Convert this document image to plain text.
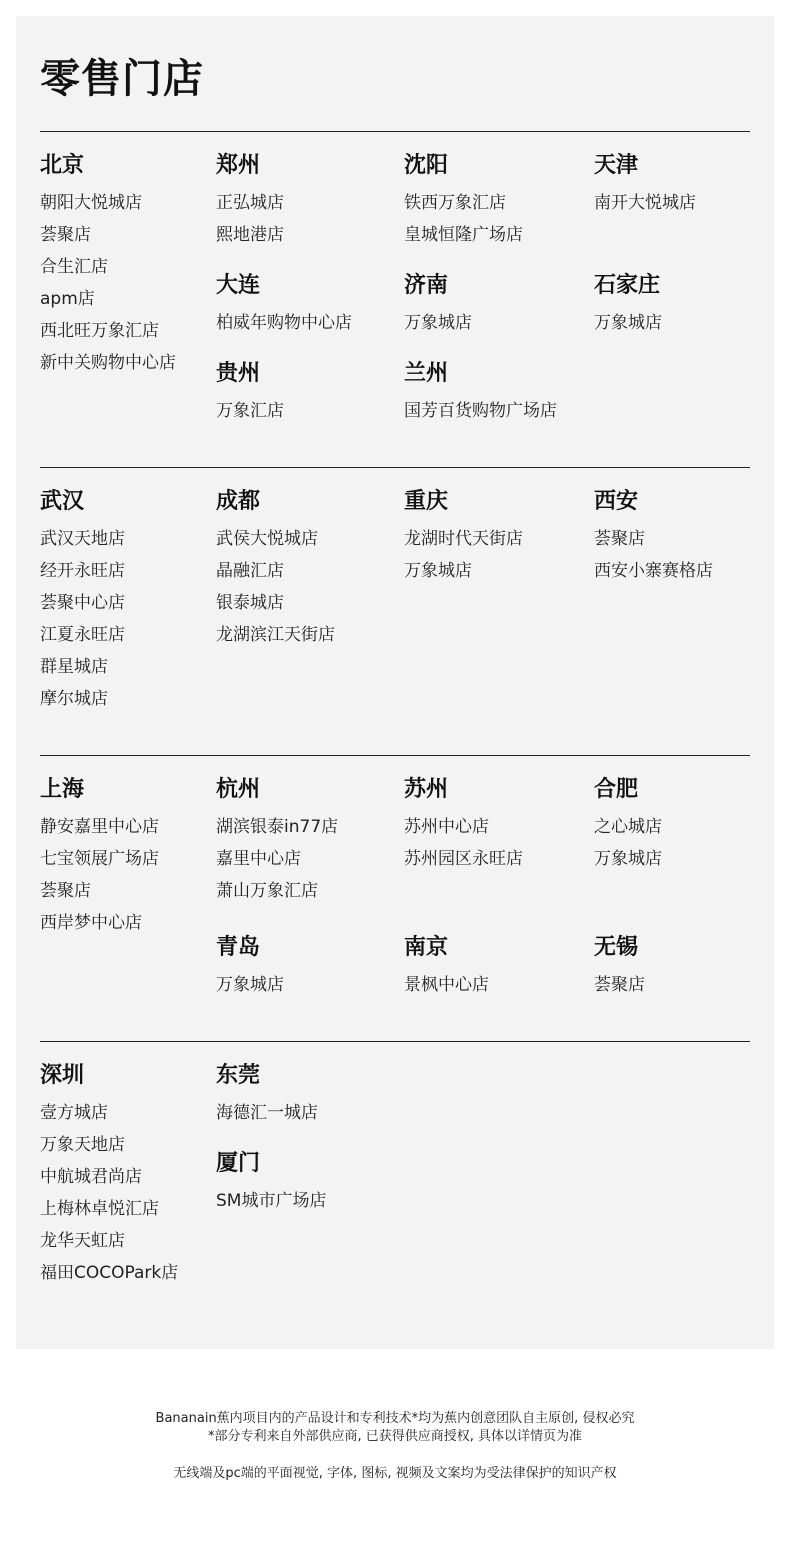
零售门店
北京
朝阳大悦城店
荟聚店
合生汇店
apm店
西北旺万象汇店
新中关购物中心店
郑州
正弘城店
熙地港店
沈阳
铁西万象汇店
皇城恒隆广场店
天津
南开大悦城店
大连
柏威年购物中心店
济南
万象城店
石家庄
万象城店
贵州
万象汇店
兰州
国芳百货购物广场店
武汉
武汉天地店
经开永旺店
荟聚中心店
江夏永旺店
群星城店
摩尔城店
成都
武侯大悦城店
晶融汇店
银泰城店
龙湖滨江天街店
重庆
龙湖时代天街店
万象城店
西安
荟聚店
西安小寨赛格店
上海
静安嘉里中心店
七宝领展广场店
荟聚店
西岸梦中心店
杭州
湖滨银泰in77店
嘉里中心店
萧山万象汇店
苏州
苏州中心店
苏州园区永旺店
合肥
之心城店
万象城店
青岛
万象城店
南京
景枫中心店
无锡
荟聚店
深圳
壹方城店
万象天地店
中航城君尚店
上梅林卓悦汇店
龙华天虹店
福田COCOPark店
东莞
海德汇一城店
厦门
SM城市广场店
Bananain蕉内项目内的产品设计和专利技术*均为蕉内创意团队自主原创, 侵权必究
*部分专利来自外部供应商, 已获得供应商授权, 具体以详情页为准
无线端及pc端的平面视觉, 字体, 图标, 视频及文案均为受法律保护的知识产权
